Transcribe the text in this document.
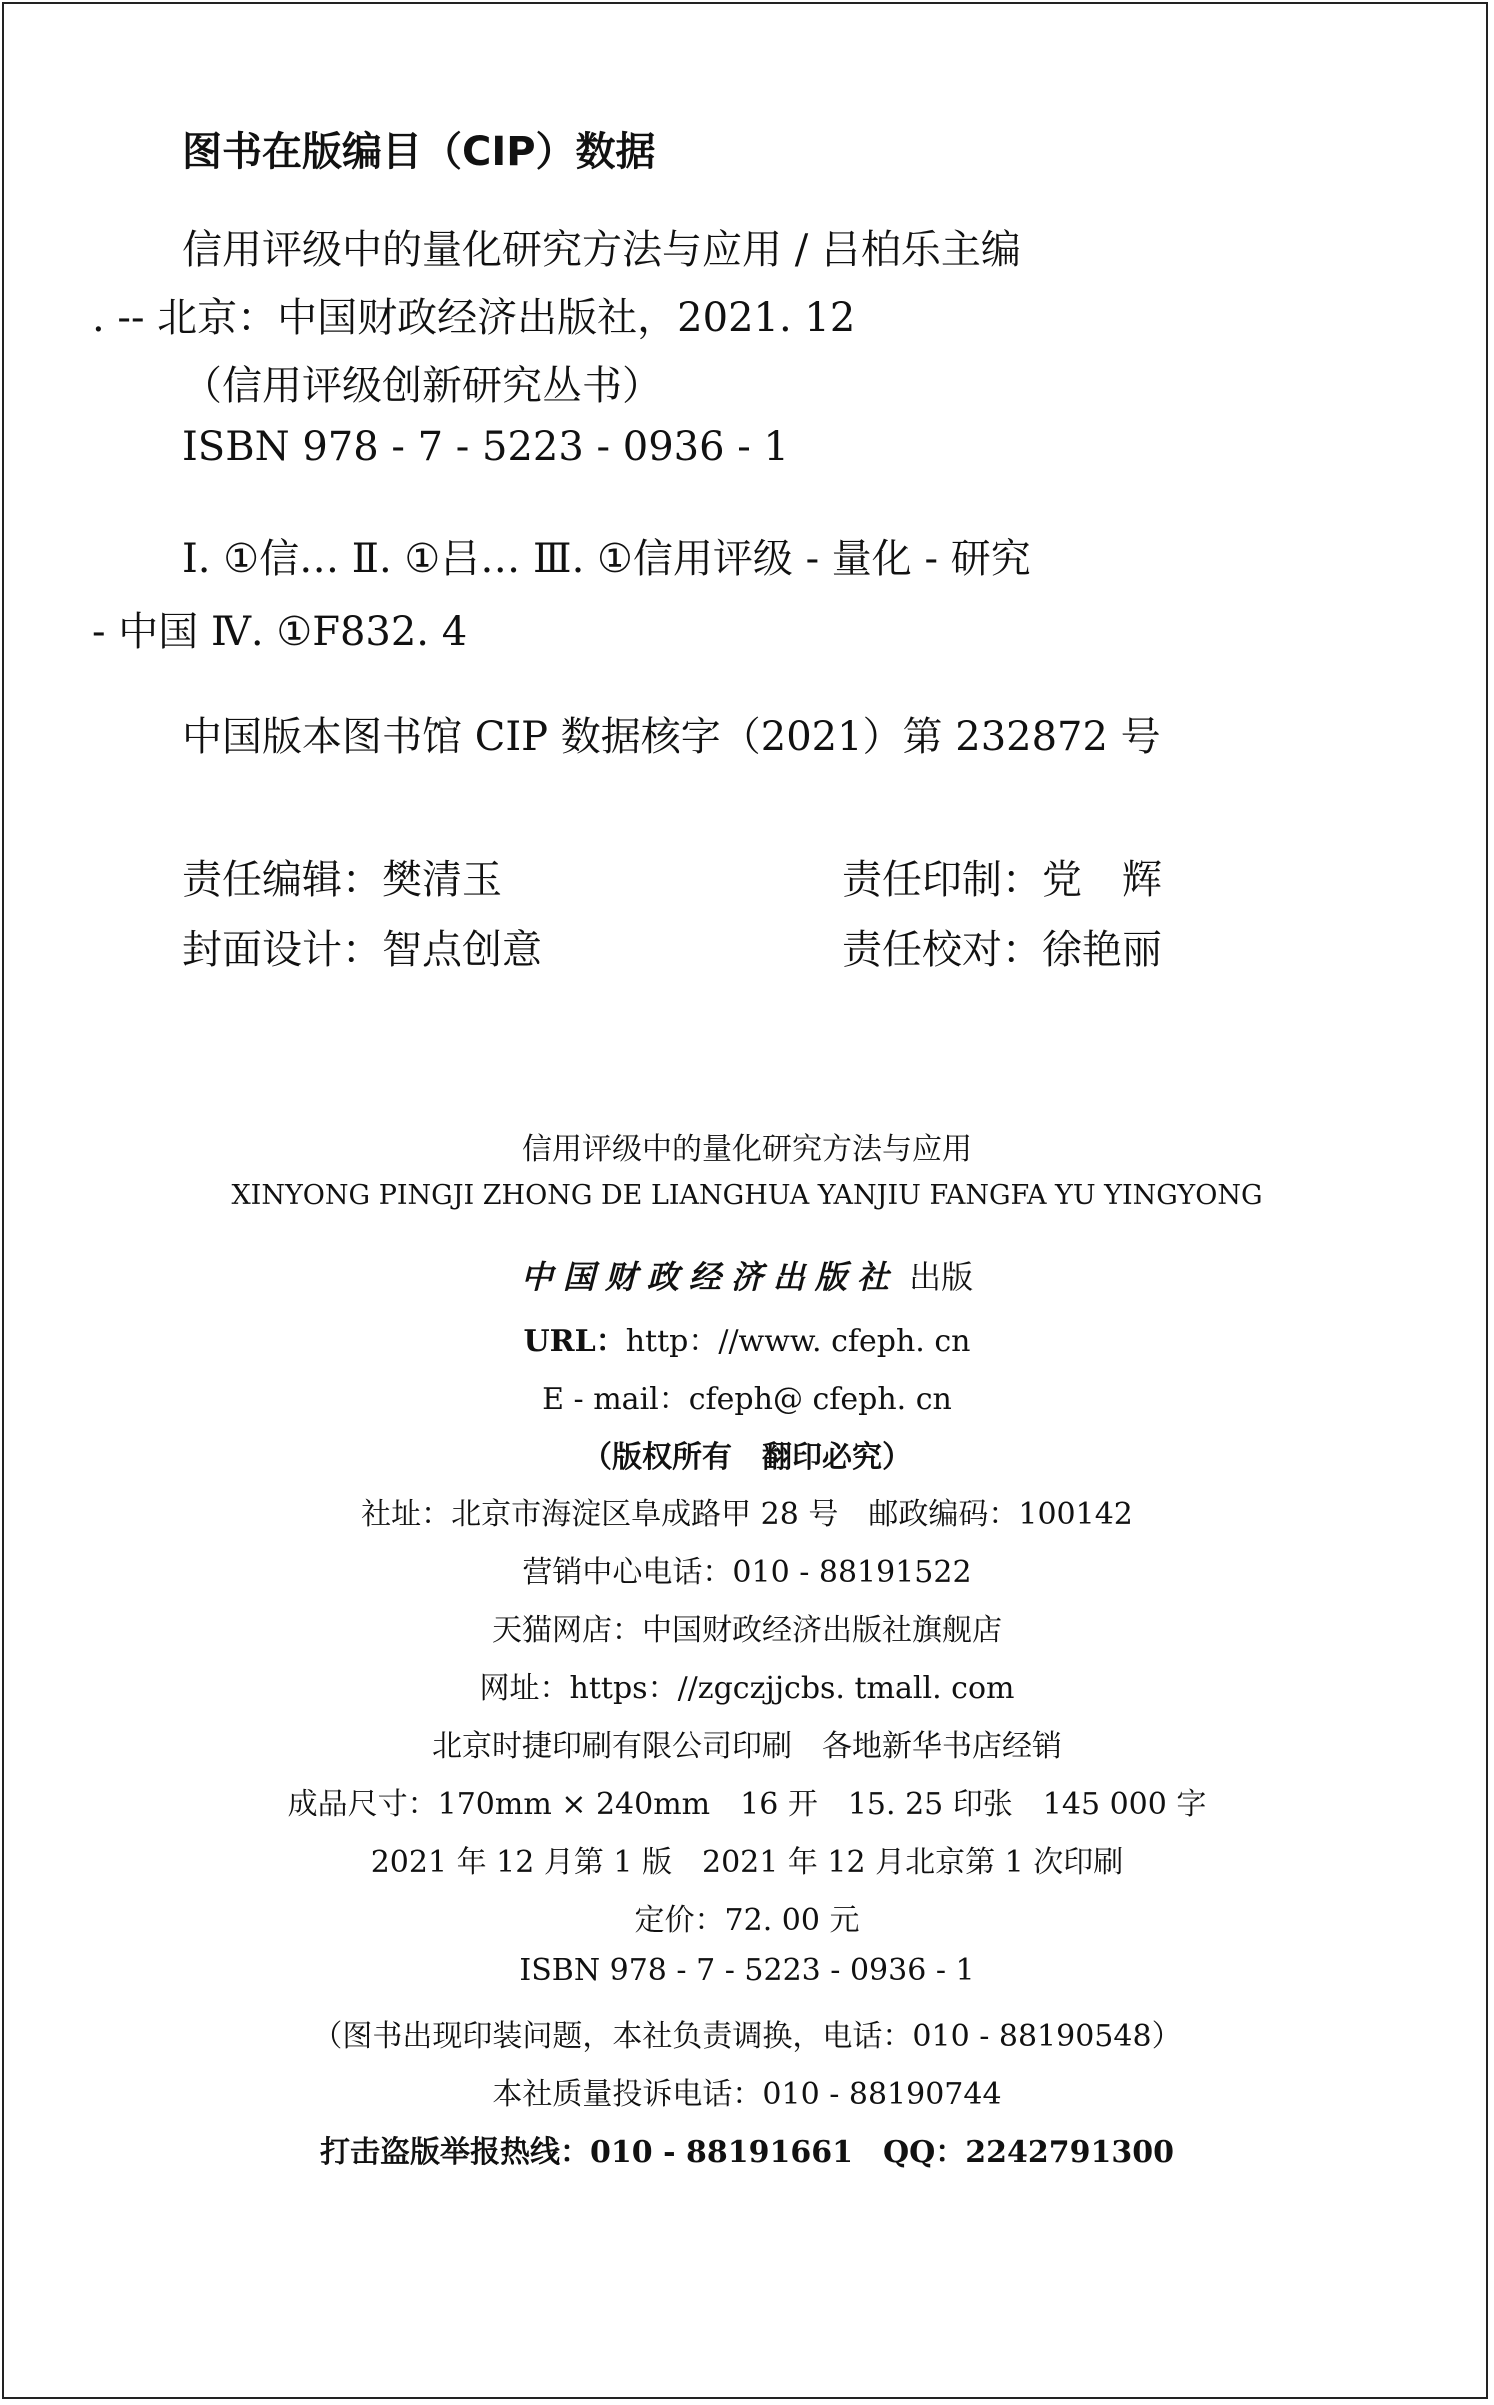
图书在版编目（CIP）数据
信用评级中的量化研究方法与应用 / 吕柏乐主编
. -- 北京：中国财政经济出版社，2021. 12
（信用评级创新研究丛书）
ISBN 978 - 7 - 5223 - 0936 - 1
Ⅰ. ①信… Ⅱ. ①吕… Ⅲ. ①信用评级 - 量化 - 研究
- 中国 Ⅳ. ①F832. 4
中国版本图书馆 CIP 数据核字（2021）第 232872 号
责任编辑：樊清玉	责任印制：党　辉
封面设计：智点创意	责任校对：徐艳丽
信用评级中的量化研究方法与应用
XINYONG PINGJI ZHONG DE LIANGHUA YANJIU FANGFA YU YINGYONG
中国财政经济出版社 出版
URL：http：//www. cfeph. cn
E - mail：cfeph@ cfeph. cn
（版权所有　翻印必究）
社址：北京市海淀区阜成路甲 28 号　邮政编码：100142
营销中心电话：010 - 88191522
天猫网店：中国财政经济出版社旗舰店
网址：https：//zgczjjcbs. tmall. com
北京时捷印刷有限公司印刷　各地新华书店经销
成品尺寸：170mm × 240mm　16 开　15. 25 印张　145 000 字
2021 年 12 月第 1 版　2021 年 12 月北京第 1 次印刷
定价：72. 00 元
ISBN 978 - 7 - 5223 - 0936 - 1
（图书出现印装问题，本社负责调换，电话：010 - 88190548）
本社质量投诉电话：010 - 88190744
打击盗版举报热线：010 - 88191661　QQ：2242791300
